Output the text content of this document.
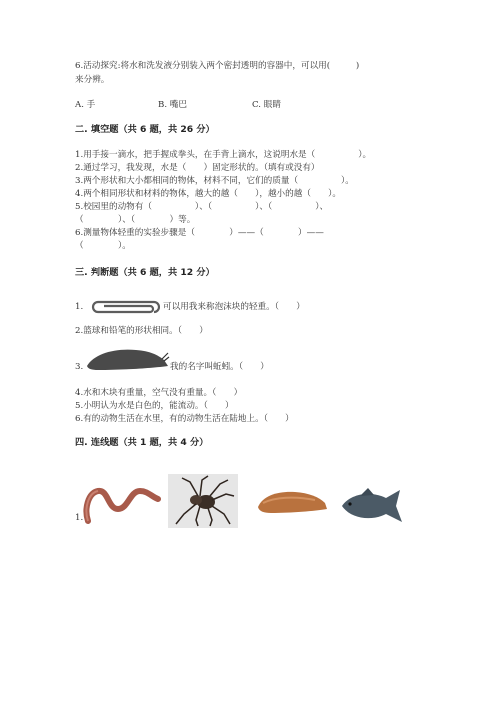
6.活动探究:将水和洗发液分别装入两个密封透明的容器中，可以用(　　　)
来分辨。
A. 手	B. 嘴巴	C. 眼睛
二. 填空题（共 6 题，共 26 分）
1.用手接一滴水，把手握成拳头，在手背上滴水，这说明水是（　　　　　）。
2.通过学习，我发现，水是（　　）固定形状的。（填有或没有）
3.两个形状和大小都相同的物体，材料不同，它们的质量（　　　　　）。
4.两个相同形状和材料的物体，越大的越（　　），越小的越（　　）。
5.校园里的动物有（　　　　　）、（　　　　　）、（　　　　　）、
（　　　　）、（　　　　）等。
6.测量物体轻重的实验步骤是（　　　　）——（　　　　）——
（　　　　）。
三. 判断题（共 6 题，共 12 分）
1.	可以用我来称泡沫块的轻重。（　　）
2.篮球和铅笔的形状相同。（　　）
3.	我的名字叫蚯蚓。（　　）
4.水和木块有重量，空气没有重量。（　　）
5.小明认为水是白色的，能流动。（　　）
6.有的动物生活在水里，有的动物生活在陆地上。（　　）
四. 连线题（共 1 题，共 4 分）
1.
